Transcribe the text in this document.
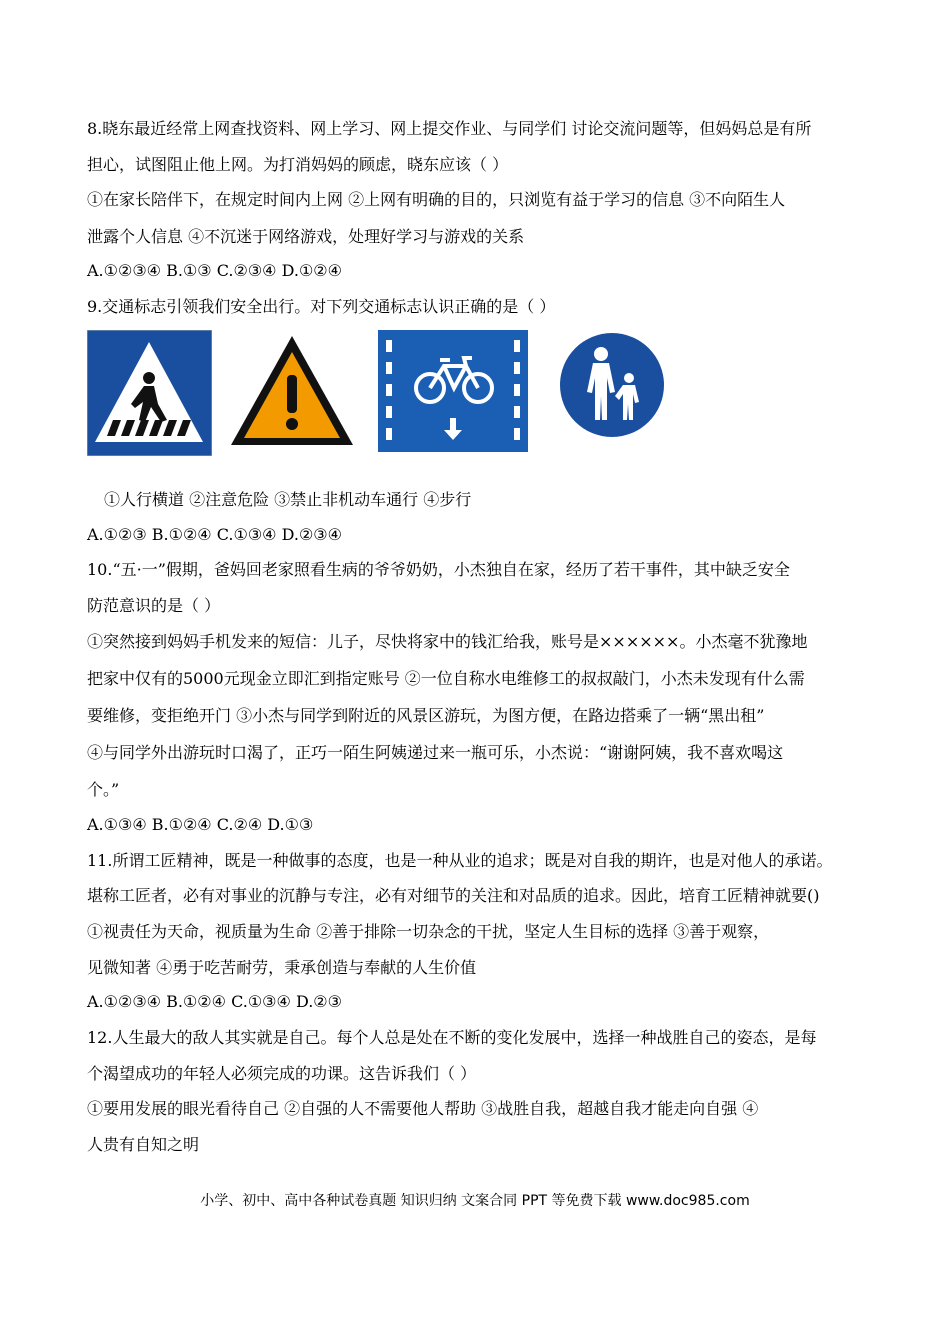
8.晓东最近经常上网查找资料、网上学习、网上提交作业、与同学们 讨论交流问题等，但妈妈总是有所
担心，试图阻止他上网。为打消妈妈的顾虑，晓东应该（ ）
①在家长陪伴下，在规定时间内上网 ②上网有明确的目的，只浏览有益于学习的信息 ③不向陌生人
泄露个人信息 ④不沉迷于网络游戏，处理好学习与游戏的关系
A.①②③④ B.①③ C.②③④ D.①②④
9.交通标志引领我们安全出行。对下列交通标志认识正确的是（ ）
①人行横道 ②注意危险 ③禁止非机动车通行 ④步行
A.①②③ B.①②④ C.①③④ D.②③④
10.“五·一”假期，爸妈回老家照看生病的爷爷奶奶，小杰独自在家，经历了若干事件，其中缺乏安全
防范意识的是（ ）
①突然接到妈妈手机发来的短信：儿子，尽快将家中的钱汇给我，账号是××××××。小杰毫不犹豫地
把家中仅有的5000元现金立即汇到指定账号 ②一位自称水电维修工的叔叔敲门，小杰未发现有什么需
要维修，变拒绝开门 ③小杰与同学到附近的风景区游玩，为图方便，在路边搭乘了一辆“黑出租”
④与同学外出游玩时口渴了，正巧一陌生阿姨递过来一瓶可乐，小杰说：“谢谢阿姨，我不喜欢喝这
个。”
A.①③④ B.①②④ C.②④ D.①③
11.所谓工匠精神，既是一种做事的态度，也是一种从业的追求；既是对自我的期许，也是对他人的承诺。
堪称工匠者，必有对事业的沉静与专注，必有对细节的关注和对品质的追求。因此，培育工匠精神就要()
①视责任为天命，视质量为生命 ②善于排除一切杂念的干扰，坚定人生目标的选择 ③善于观察，
见微知著 ④勇于吃苦耐劳，秉承创造与奉献的人生价值
A.①②③④ B.①②④ C.①③④ D.②③
12.人生最大的敌人其实就是自己。每个人总是处在不断的变化发展中，选择一种战胜自己的姿态，是每
个渴望成功的年轻人必须完成的功课。这告诉我们（ ）
①要用发展的眼光看待自己 ②自强的人不需要他人帮助 ③战胜自我，超越自我才能走向自强 ④
人贵有自知之明
小学、初中、高中各种试卷真题 知识归纳 文案合同 PPT 等免费下载 www.doc985.com
